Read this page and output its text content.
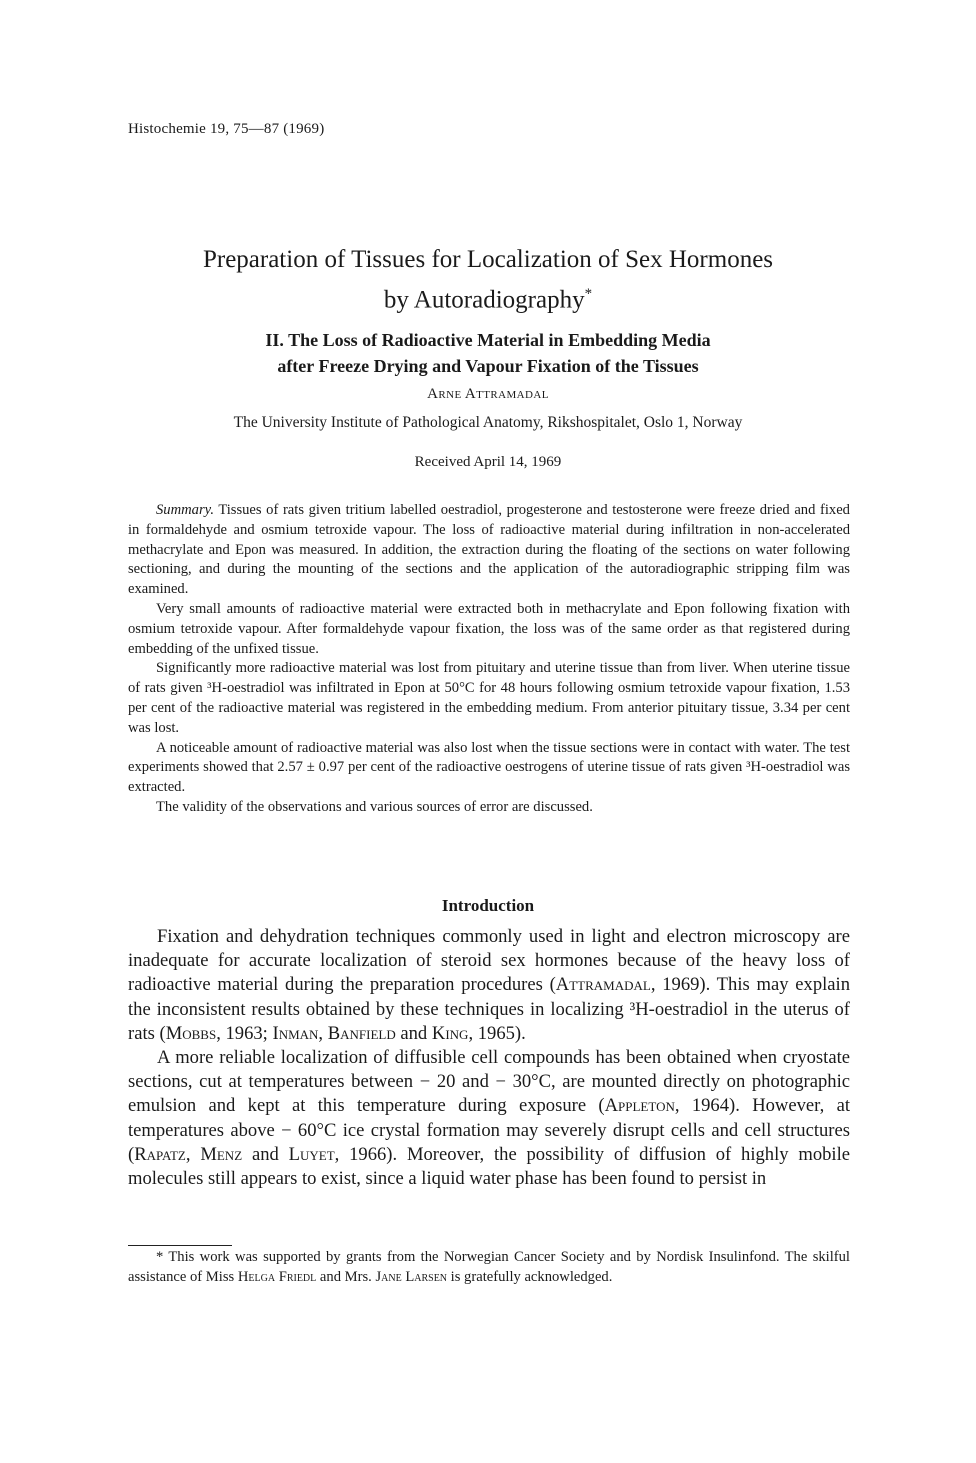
Histochemie 19, 75—87 (1969)
Preparation of Tissues for Localization of Sex Hormones
by Autoradiography*
II. The Loss of Radioactive Material in Embedding Media
after Freeze Drying and Vapour Fixation of the Tissues
Arne Attramadal
The University Institute of Pathological Anatomy, Rikshospitalet, Oslo 1, Norway
Received April 14, 1969

Summary. Tissues of rats given tritium labelled oestradiol, progesterone and testosterone were freeze dried and fixed in formaldehyde and osmium tetroxide vapour. The loss of radioactive material during infiltration in non-accelerated methacrylate and Epon was measured. In addition, the extraction during the floating of the sections on water following sectioning, and during the mounting of the sections and the application of the autoradiographic stripping film was examined.

Very small amounts of radioactive material were extracted both in methacrylate and Epon following fixation with osmium tetroxide vapour. After formaldehyde vapour fixation, the loss was of the same order as that registered during embedding of the unfixed tissue.

Significantly more radioactive material was lost from pituitary and uterine tissue than from liver. When uterine tissue of rats given ³H-oestradiol was infiltrated in Epon at 50°C for 48 hours following osmium tetroxide vapour fixation, 1.53 per cent of the radioactive material was registered in the embedding medium. From anterior pituitary tissue, 3.34 per cent was lost.

A noticeable amount of radioactive material was also lost when the tissue sections were in contact with water. The test experiments showed that 2.57 ± 0.97 per cent of the radioactive oestrogens of uterine tissue of rats given ³H-oestradiol was extracted.

The validity of the observations and various sources of error are discussed.

Introduction

Fixation and dehydration techniques commonly used in light and electron microscopy are inadequate for accurate localization of steroid sex hormones because of the heavy loss of radioactive material during the preparation procedures (Attramadal, 1969). This may explain the inconsistent results obtained by these techniques in localizing ³H-oestradiol in the uterus of rats (Mobbs, 1963; Inman, Banfield and King, 1965).

A more reliable localization of diffusible cell compounds has been obtained when cryostate sections, cut at temperatures between − 20 and − 30°C, are mounted directly on photographic emulsion and kept at this temperature during exposure (Appleton, 1964). However, at temperatures above − 60°C ice crystal formation may severely disrupt cells and cell structures (Rapatz, Menz and Luyet, 1966). Moreover, the possibility of diffusion of highly mobile molecules still appears to exist, since a liquid water phase has been found to persist in

* This work was supported by grants from the Norwegian Cancer Society and by Nordisk Insulinfond. The skilful assistance of Miss Helga Friedl and Mrs. Jane Larsen is gratefully acknowledged.
